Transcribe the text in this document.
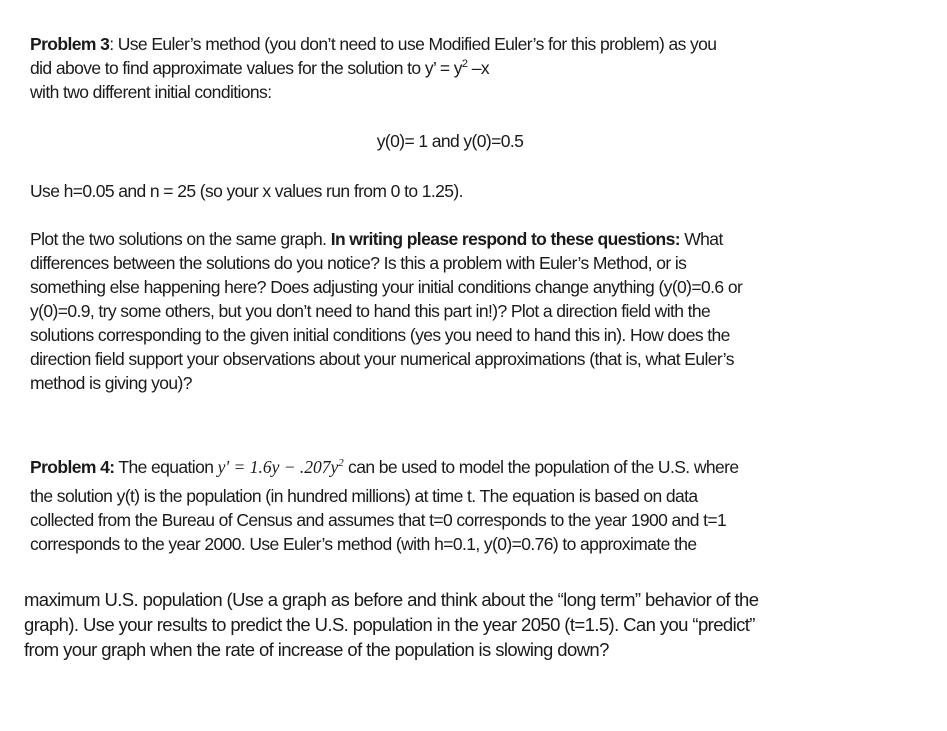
Problem 3: Use Euler’s method (you don’t need to use Modified Euler’s for this problem) as you
did above to find approximate values for the solution to y’ = $y^2$ –x
with two different initial conditions:
y(0)= 1 and y(0)=0.5
Use h=0.05 and n = 25 (so your x values run from 0 to 1.25).
Plot the two solutions on the same graph. In writing please respond to these questions: What
differences between the solutions do you notice? Is this a problem with Euler’s Method, or is
something else happening here? Does adjusting your initial conditions change anything (y(0)=0.6 or
y(0)=0.9, try some others, but you don’t need to hand this part in!)? Plot a direction field with the
solutions corresponding to the given initial conditions (yes you need to hand this in). How does the
direction field support your observations about your numerical approximations (that is, what Euler’s
method is giving you)?
Problem 4: The equation $y' = 1.6y - .207y^2$ can be used to model the population of the U.S. where
the solution y(t) is the population (in hundred millions) at time t. The equation is based on data
collected from the Bureau of Census and assumes that t=0 corresponds to the year 1900 and t=1
corresponds to the year 2000. Use Euler’s method (with h=0.1, y(0)=0.76) to approximate the
maximum U.S. population (Use a graph as before and think about the “long term” behavior of the
graph). Use your results to predict the U.S. population in the year 2050 (t=1.5). Can you “predict”
from your graph when the rate of increase of the population is slowing down?
